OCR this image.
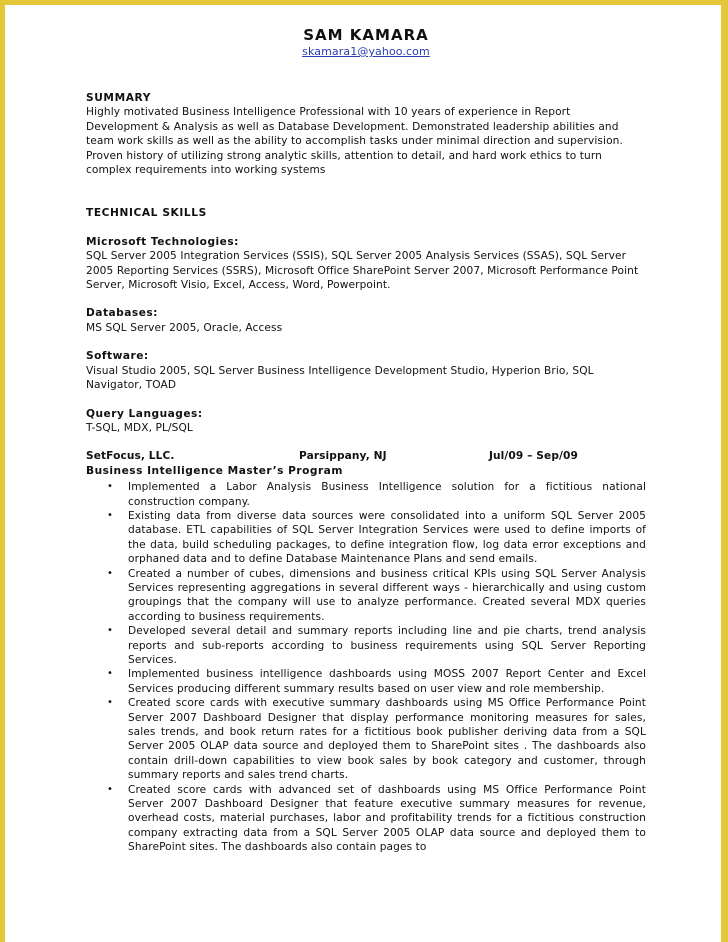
SAM KAMARA
skamara1@yahoo.com
SUMMARY
Highly motivated Business Intelligence Professional with 10 years of experience in Report Development & Analysis as well as Database Development. Demonstrated leadership abilities and team work skills as well as the ability to accomplish tasks under minimal direction and supervision. Proven history of utilizing strong analytic skills, attention to detail, and hard work ethics to turn complex requirements into working systems
TECHNICAL SKILLS
Microsoft Technologies:
SQL Server 2005 Integration Services (SSIS), SQL Server 2005 Analysis Services (SSAS), SQL Server 2005 Reporting Services (SSRS), Microsoft Office SharePoint Server 2007, Microsoft Performance Point Server, Microsoft Visio, Excel, Access, Word, Powerpoint.
Databases:
MS SQL Server 2005, Oracle, Access
Software:
Visual Studio 2005, SQL Server Business Intelligence Development Studio, Hyperion Brio, SQL Navigator, TOAD
Query Languages:
T-SQL, MDX, PL/SQL
SetFocus, LLC.	Parsippany, NJ	Jul/09 – Sep/09
Business Intelligence Master’s Program
• Implemented a Labor Analysis Business Intelligence solution for a fictitious national construction company.
• Existing data from diverse data sources were consolidated into a uniform SQL Server 2005 database. ETL capabilities of SQL Server Integration Services were used to define imports of the data, build scheduling packages, to define integration flow, log data error exceptions and orphaned data and to define Database Maintenance Plans and send emails.
• Created a number of cubes, dimensions and business critical KPIs using SQL Server Analysis Services representing aggregations in several different ways - hierarchically and using custom groupings that the company will use to analyze performance. Created several MDX queries according to business requirements.
• Developed several detail and summary reports including line and pie charts, trend analysis reports and sub-reports according to business requirements using SQL Server Reporting Services.
• Implemented business intelligence dashboards using MOSS 2007 Report Center and Excel Services producing different summary results based on user view and role membership.
• Created score cards with executive summary dashboards using MS Office Performance Point Server 2007 Dashboard Designer that display performance monitoring measures for sales, sales trends, and book return rates for a fictitious book publisher deriving data from a SQL Server 2005 OLAP data source and deployed them to SharePoint sites . The dashboards also contain drill-down capabilities to view book sales by book category and customer, through summary reports and sales trend charts.
• Created score cards with advanced set of dashboards using MS Office Performance Point Server 2007 Dashboard Designer that feature executive summary measures for revenue, overhead costs, material purchases, labor and profitability trends for a fictitious construction company extracting data from a SQL Server 2005 OLAP data source and deployed them to SharePoint sites. The dashboards also contain pages to
